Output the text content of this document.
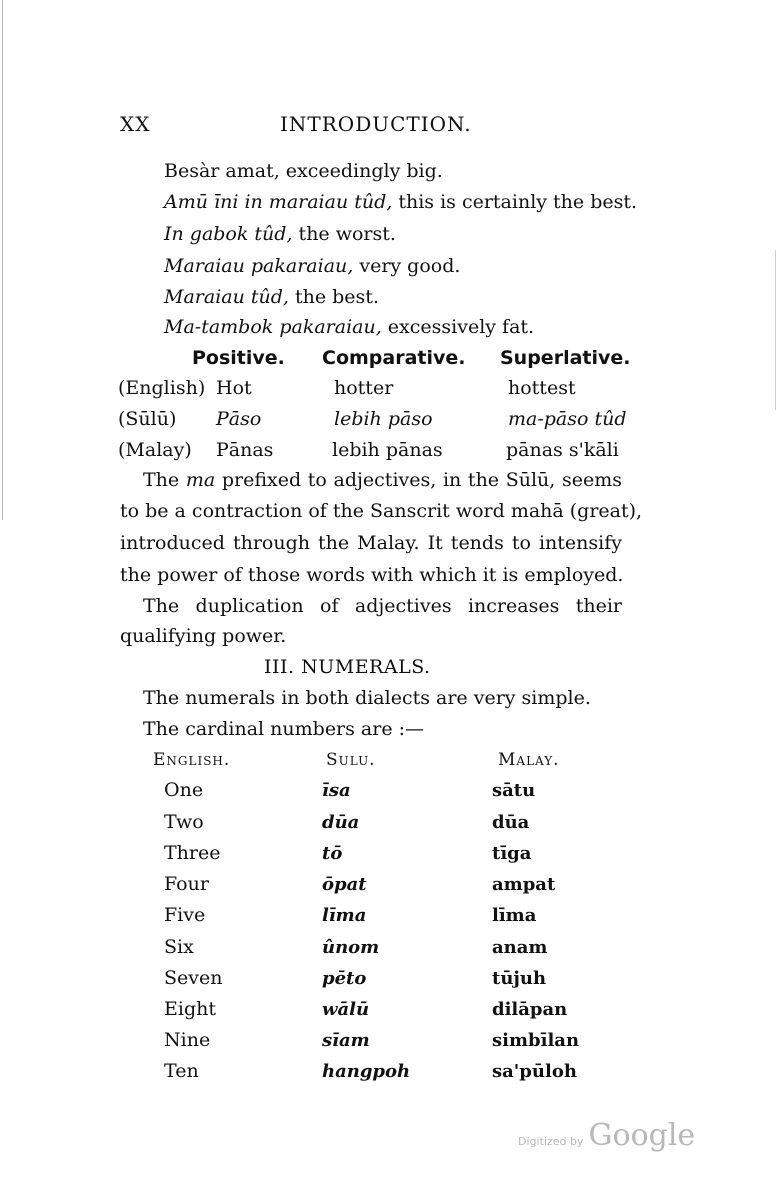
XX	INTRODUCTION.
Besàr amat, exceedingly big.
Amū īni in maraiau tûd, this is certainly the best.
In gabok tûd, the worst.
Maraiau pakaraiau, very good.
Maraiau tûd, the best.
Ma-tambok pakaraiau, excessively fat.
Positive. Comparative. Superlative.
(English) Hot	hotter	hottest
(Sūlū) Pāso	lebih pāso	ma-pāso tûd
(Malay) Pānas	lebih pānas	pānas s'kāli
The ma prefixed to adjectives, in the Sūlū, seems
to be a contraction of the Sanscrit word mahā (great),
introduced through the Malay. It tends to intensify
the power of those words with which it is employed.
The duplication of adjectives increases their
qualifying power.
III. NUMERALS.
The numerals in both dialects are very simple.
The cardinal numbers are :—
English.	Sulu.	Malay.
One	īsa	sātu
Two	dūa	dūa
Three	tō	tīga
Four	ōpat	ampat
Five	līma	līma
Six	ûnom	anam
Seven	pēto	tūjuh
Eight	wālū	dilāpan
Nine	sīam	simbīlan
Ten	hangpoh	sa'pūloh
Digitized by Google
